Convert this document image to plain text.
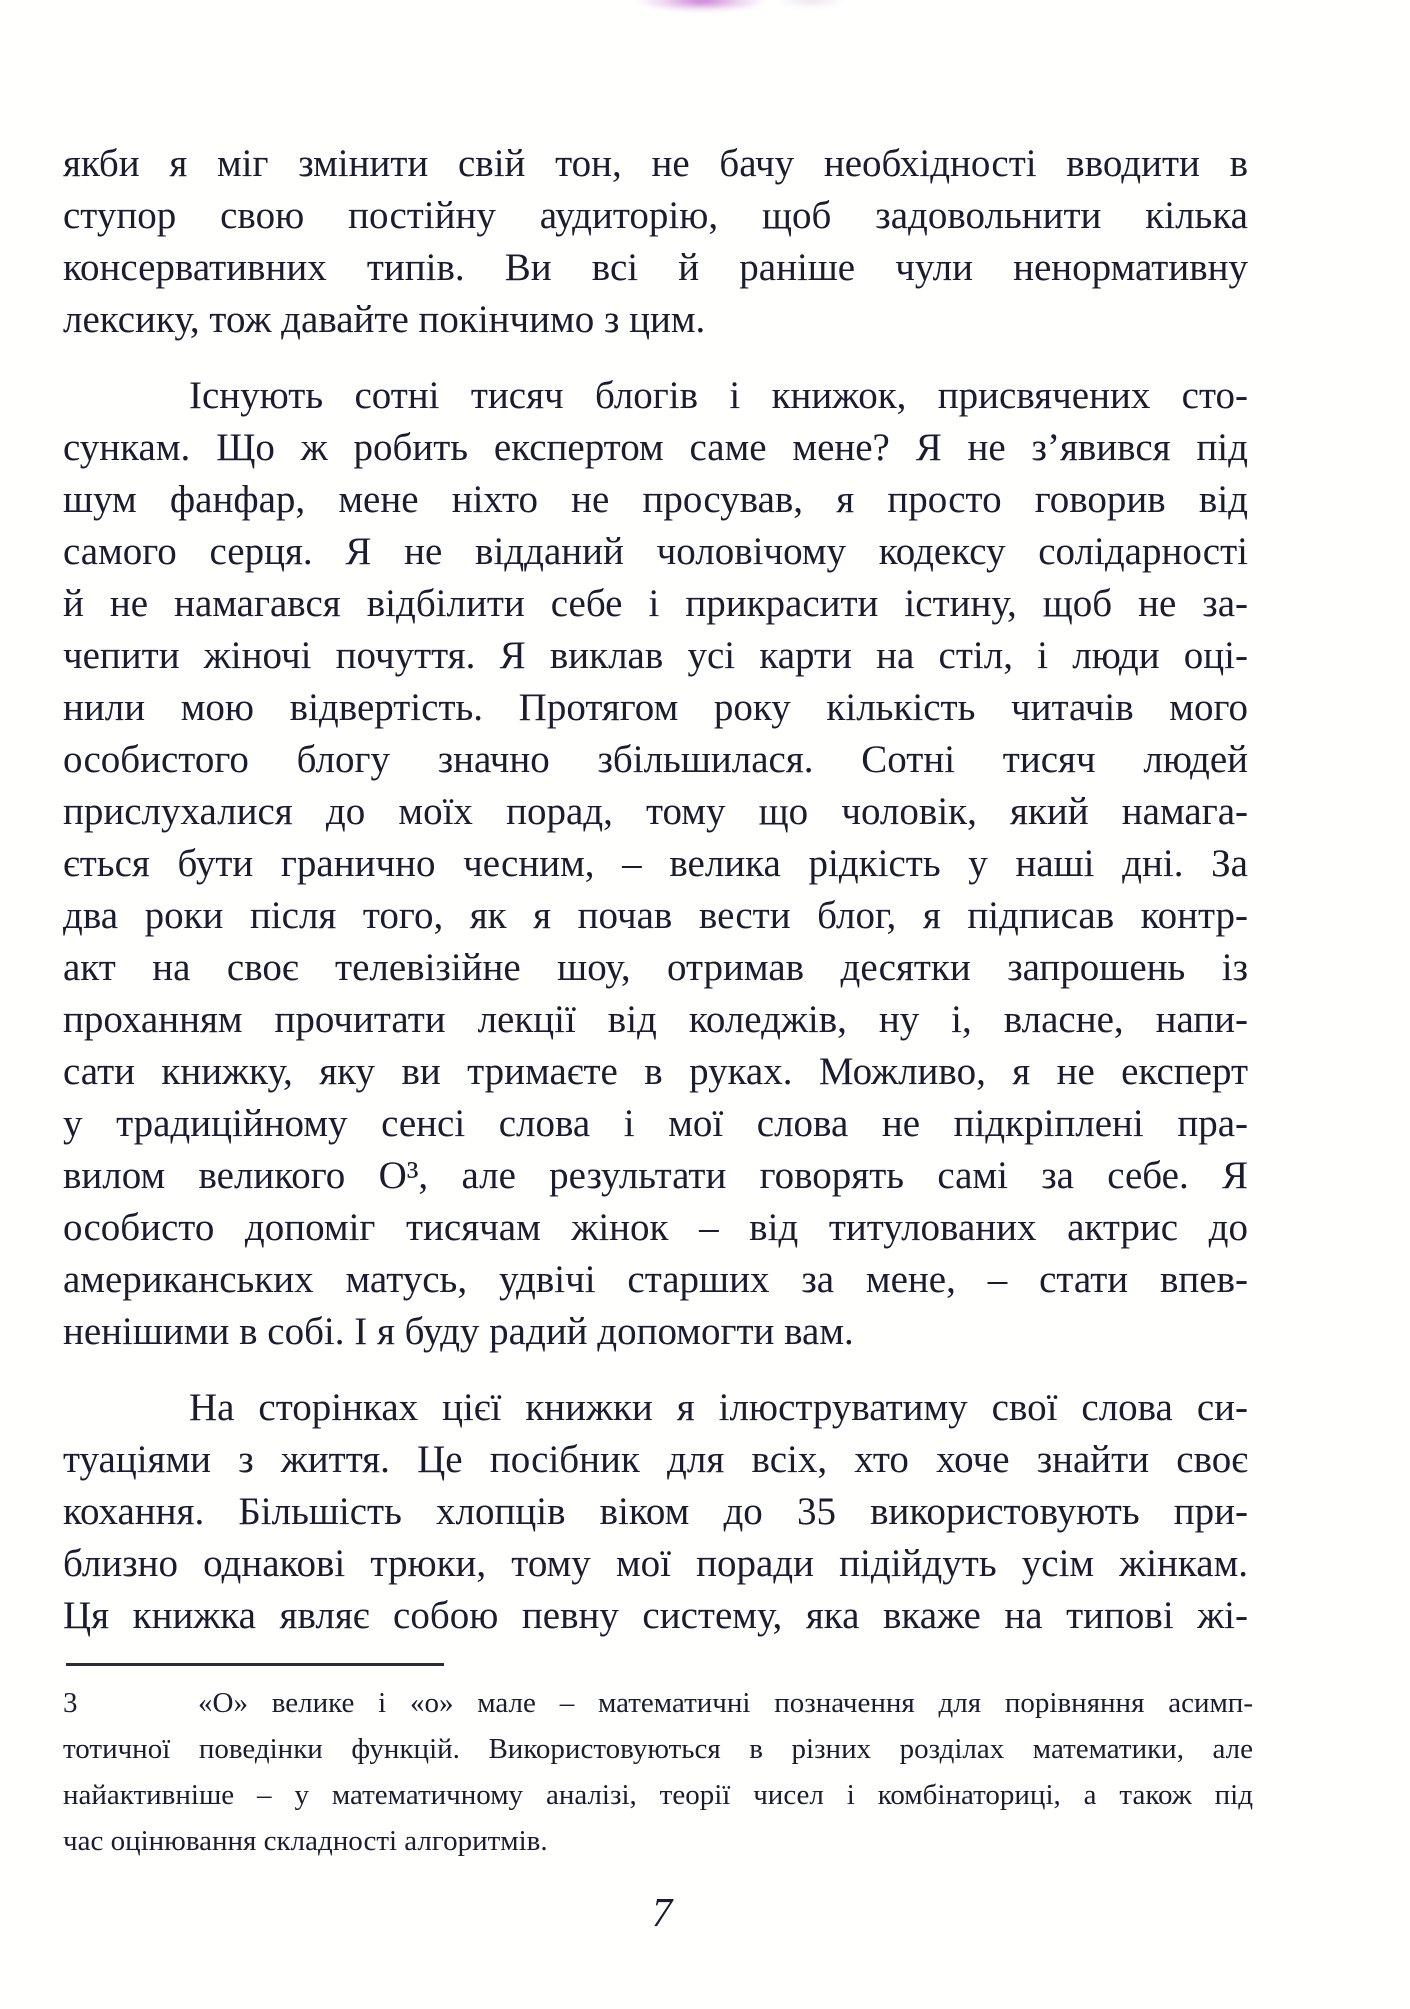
якби я міг змінити свій тон, не бачу необхідності вводити в
ступор свою постійну аудиторію, щоб задовольнити кілька
консервативних типів. Ви всі й раніше чули ненормативну
лексику, тож давайте покінчимо з цим.
Існують сотні тисяч блогів і книжок, присвячених сто-
сункам. Що ж робить експертом саме мене? Я не з’явився під
шум фанфар, мене ніхто не просував, я просто говорив від
самого серця. Я не відданий чоловічому кодексу солідарності
й не намагався відбілити себе і прикрасити істину, щоб не за-
чепити жіночі почуття. Я виклав усі карти на стіл, і люди оці-
нили мою відвертість. Протягом року кількість читачів мого
особистого блогу значно збільшилася. Сотні тисяч людей
прислухалися до моїх порад, тому що чоловік, який намага-
ється бути гранично чесним, – велика рідкість у наші дні. За
два роки після того, як я почав вести блог, я підписав контр-
акт на своє телевізійне шоу, отримав десятки запрошень із
проханням прочитати лекції від коледжів, ну і, власне, напи-
сати книжку, яку ви тримаєте в руках. Можливо, я не експерт
у традиційному сенсі слова і мої слова не підкріплені пра-
вилом великого О³, але результати говорять самі за себе. Я
особисто допоміг тисячам жінок – від титулованих актрис до
американських матусь, удвічі старших за мене, – стати впев-
ненішими в собі. І я буду радий допомогти вам.
На сторінках цієї книжки я ілюструватиму свої слова си-
туаціями з життя. Це посібник для всіх, хто хоче знайти своє
кохання. Більшість хлопців віком до 35 використовують при-
близно однакові трюки, тому мої поради підійдуть усім жінкам.
Ця книжка являє собою певну систему, яка вкаже на типові жі-
3	«О» велике і «о» мале – математичні позначення для порівняння асимп-
тотичної поведінки функцій. Використовуються в різних розділах математики, але
найактивніше – у математичному аналізі, теорії чисел і комбінаториці, а також під
час оцінювання складності алгоритмів.
7
